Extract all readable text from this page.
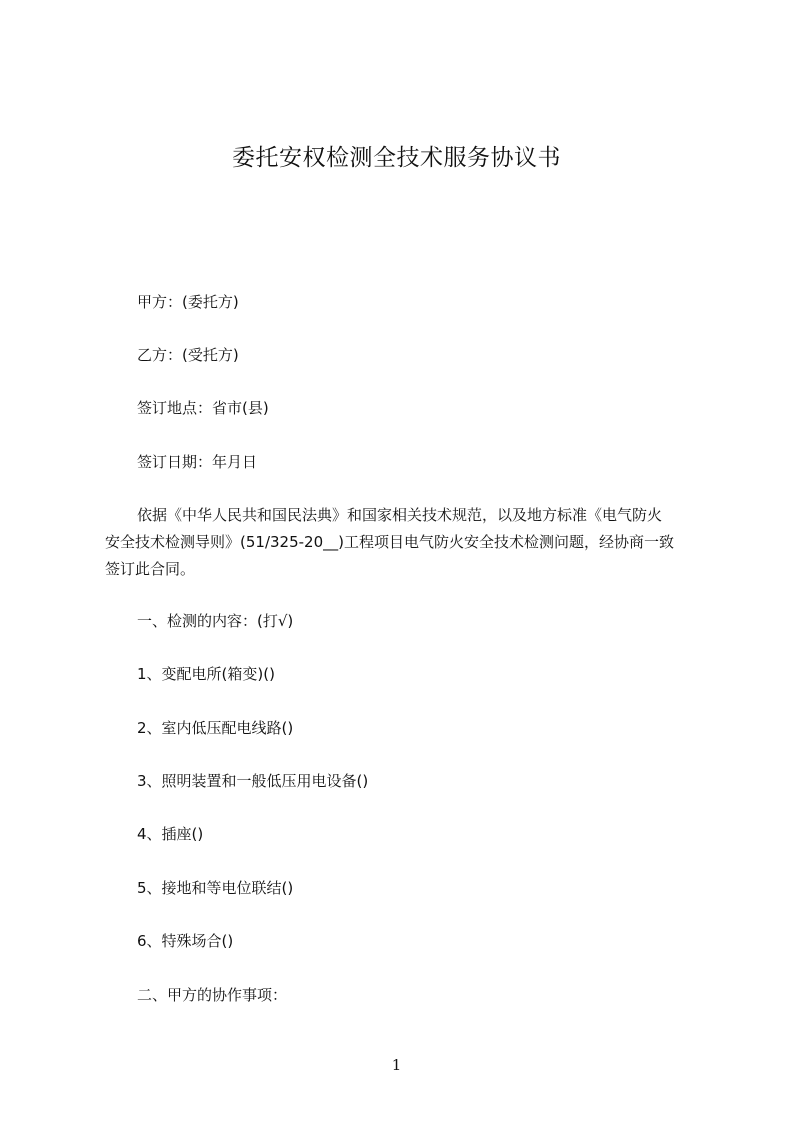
委托安权检测全技术服务协议书
甲方：(委托方)
乙方：(受托方)
签订地点：省市(县)
签订日期：年月日
依据《中华人民共和国民法典》和国家相关技术规范，以及地方标准《电气防火
安全技术检测导则》(51/325-20__)工程项目电气防火安全技术检测问题，经协商一致
签订此合同。
一、检测的内容：(打√)
1、变配电所(箱变)()
2、室内低压配电线路()
3、照明装置和一般低压用电设备()
4、插座()
5、接地和等电位联结()
6、特殊场合()
二、甲方的协作事项：
1
